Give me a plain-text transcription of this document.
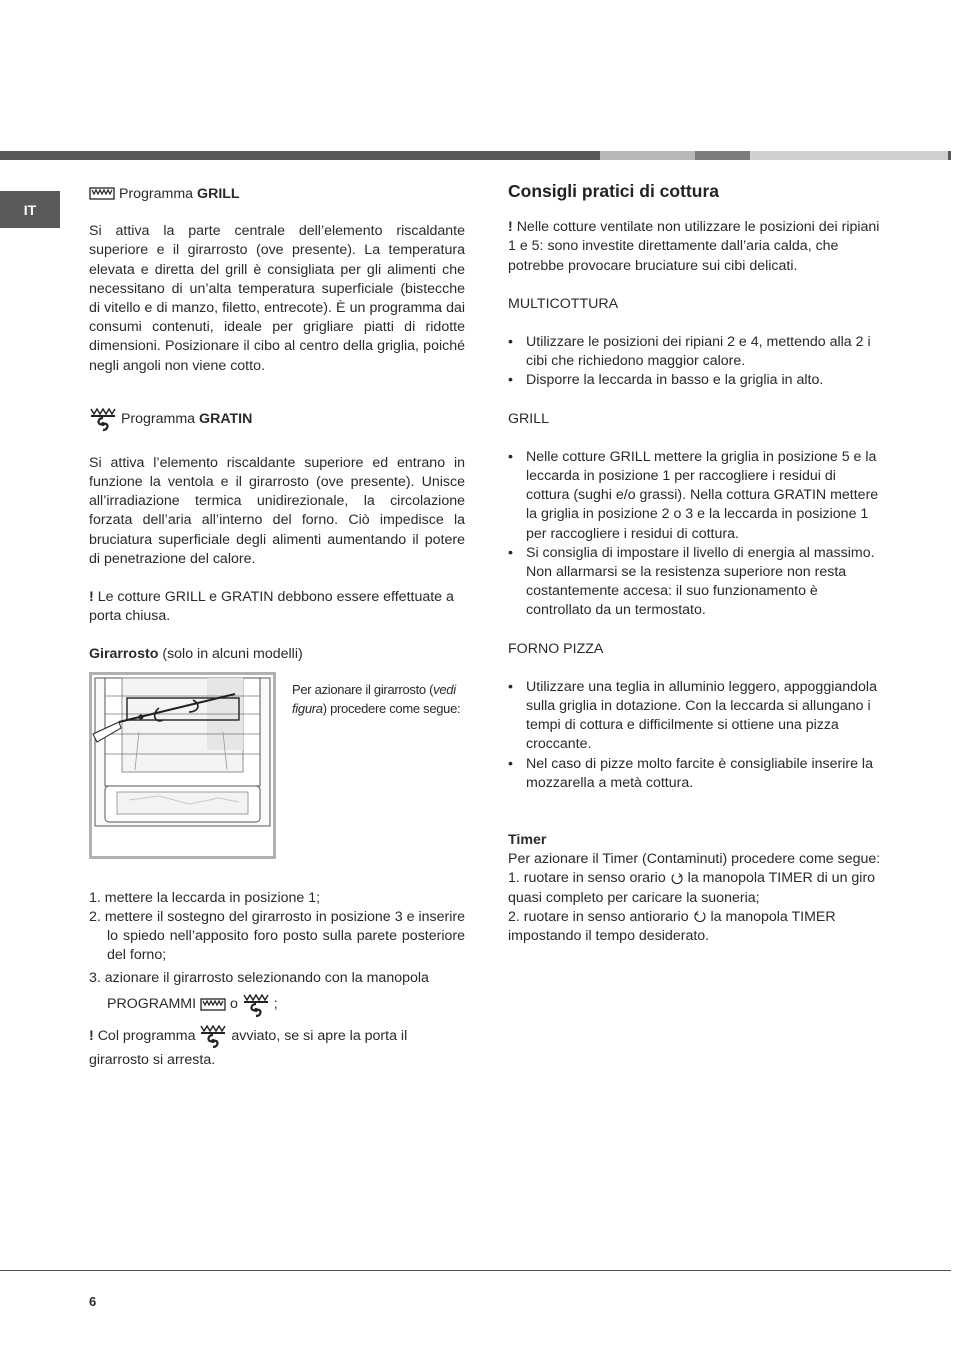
IT

Programma GRILL

Si attiva la parte centrale dell’elemento riscaldante superiore e il girarrosto (ove presente). La temperatura elevata e diretta del grill è consigliata per gli alimenti che necessitano di un’alta temperatura superficiale (bistecche di vitello e di manzo, filetto, entrecote). È un programma dai consumi contenuti, ideale per grigliare piatti di ridotte dimensioni. Posizionare il cibo al centro della griglia, poiché negli angoli non viene cotto.

Programma GRATIN

Si attiva l’elemento riscaldante superiore ed entrano in funzione la ventola e il girarrosto (ove presente). Unisce all’irradiazione termica unidirezionale, la circolazione forzata dell’aria all’interno del forno. Ciò impedisce la bruciatura superficiale degli alimenti aumentando il potere di penetrazione del calore.

! Le cotture GRILL e GRATIN debbono essere effettuate a porta chiusa.

Girarrosto (solo in alcuni modelli)

Per azionare il girarrosto (vedi figura) procedere come segue:

1. mettere la leccarda in posizione 1;
2. mettere il sostegno del girarrosto in posizione 3 e inserire lo spiedo nell’apposito foro posto sulla parete posteriore del forno;
3. azionare il girarrosto selezionando con la manopola PROGRAMMI o	;

! Col programma	avviato, se si apre la porta il girarrosto si arresta.

Consigli pratici di cottura

! Nelle cotture ventilate non utilizzare le posizioni dei ripiani 1 e 5: sono investite direttamente dall’aria calda, che potrebbe provocare bruciature sui cibi delicati.

MULTICOTTURA

• Utilizzare le posizioni dei ripiani 2 e 4, mettendo alla 2 i cibi che richiedono maggior calore.
• Disporre la leccarda in basso e la griglia in alto.

GRILL

• Nelle cotture GRILL mettere la griglia in posizione 5 e la leccarda in posizione 1 per raccogliere i residui di cottura (sughi e/o grassi). Nella cottura GRATIN mettere la griglia in posizione 2 o 3 e la leccarda in posizione 1 per raccogliere i residui di cottura.
• Si consiglia di impostare il livello di energia al massimo. Non allarmarsi se la resistenza superiore non resta costantemente accesa: il suo funzionamento è controllato da un termostato.

FORNO PIZZA

• Utilizzare una teglia in alluminio leggero, appoggiandola sulla griglia in dotazione. Con la leccarda si allungano i tempi di cottura e difficilmente si ottiene una pizza croccante.
• Nel caso di pizze molto farcite è consigliabile inserire la mozzarella a metà cottura.

Timer

Per azionare il Timer (Contaminuti) procedere come segue:

1. ruotare in senso orario la manopola TIMER di un giro quasi completo per caricare la suoneria;

2. ruotare in senso antiorario la manopola TIMER impostando il tempo desiderato.

6
